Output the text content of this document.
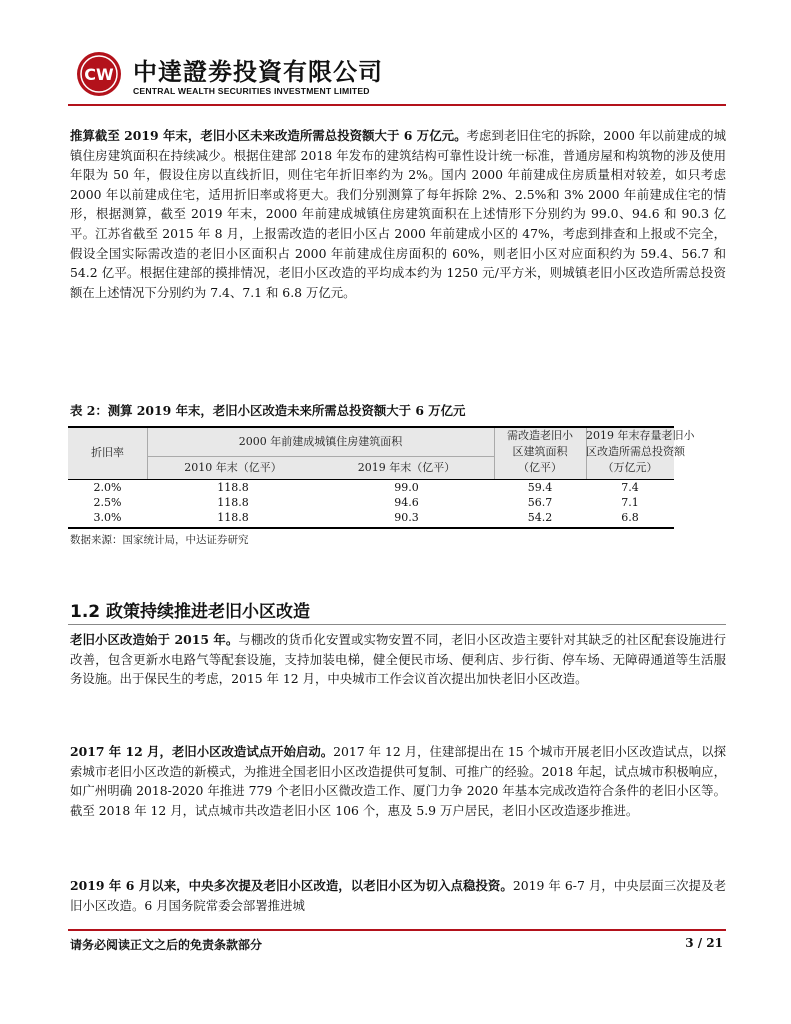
CW 中達證劵投資有限公司
CENTRAL WEALTH SECURITIES INVESTMENT LIMITED

推算截至 2019 年末，老旧小区未来改造所需总投资额大于 6 万亿元。考虑到老旧住宅的拆除，2000 年以前建成的城镇住房建筑面积在持续减少。根据住建部 2018 年发布的建筑结构可靠性设计统一标准，普通房屋和构筑物的涉及使用年限为 50 年，假设住房以直线折旧，则住宅年折旧率约为 2%。国内 2000 年前建成住房质量相对较差，如只考虑 2000 年以前建成住宅，适用折旧率或将更大。我们分别测算了每年拆除 2%、2.5%和 3% 2000 年前建成住宅的情形，根据测算，截至 2019 年末，2000 年前建成城镇住房建筑面积在上述情形下分别约为 99.0、94.6 和 90.3 亿平。江苏省截至 2015 年 8 月，上报需改造的老旧小区占 2000 年前建成小区的 47%，考虑到排查和上报或不完全，假设全国实际需改造的老旧小区面积占 2000 年前建成住房面积的 60%，则老旧小区对应面积约为 59.4、56.7 和 54.2 亿平。根据住建部的摸排情况，老旧小区改造的平均成本约为 1250 元/平方米，则城镇老旧小区改造所需总投资额在上述情况下分别约为 7.4、7.1 和 6.8 万亿元。

表 2：测算 2019 年末，老旧小区改造未来所需总投资额大于 6 万亿元
折旧率
2000 年前建成城镇住房建筑面积
2010 年末（亿平）	2019 年末（亿平）
需改造老旧小
区建筑面积
（亿平）
2019 年末存量老旧小
区改造所需总投资额
（万亿元）
2.0%	118.8	99.0	59.4	7.4
2.5%	118.8	94.6	56.7	7.1
3.0%	118.8	90.3	54.2	6.8
数据来源：国家统计局，中达证券研究
1.2 政策持续推进老旧小区改造

老旧小区改造始于 2015 年。与棚改的货币化安置或实物安置不同，老旧小区改造主要针对其缺乏的社区配套设施进行改善，包含更新水电路气等配套设施，支持加装电梯，健全便民市场、便利店、步行街、停车场、无障碍通道等生活服务设施。出于保民生的考虑，2015 年 12 月，中央城市工作会议首次提出加快老旧小区改造。

2017 年 12 月，老旧小区改造试点开始启动。2017 年 12 月，住建部提出在 15 个城市开展老旧小区改造试点，以探索城市老旧小区改造的新模式，为推进全国老旧小区改造提供可复制、可推广的经验。2018 年起，试点城市积极响应，如广州明确 2018-2020 年推进 779 个老旧小区微改造工作、厦门力争 2020 年基本完成改造符合条件的老旧小区等。截至 2018 年 12 月，试点城市共改造老旧小区 106 个，惠及 5.9 万户居民，老旧小区改造逐步推进。

2019 年 6 月以来，中央多次提及老旧小区改造，以老旧小区为切入点稳投资。2019 年 6-7 月，中央层面三次提及老旧小区改造。6 月国务院常委会部署推进城

请务必阅读正文之后的免责条款部分	3 / 21
